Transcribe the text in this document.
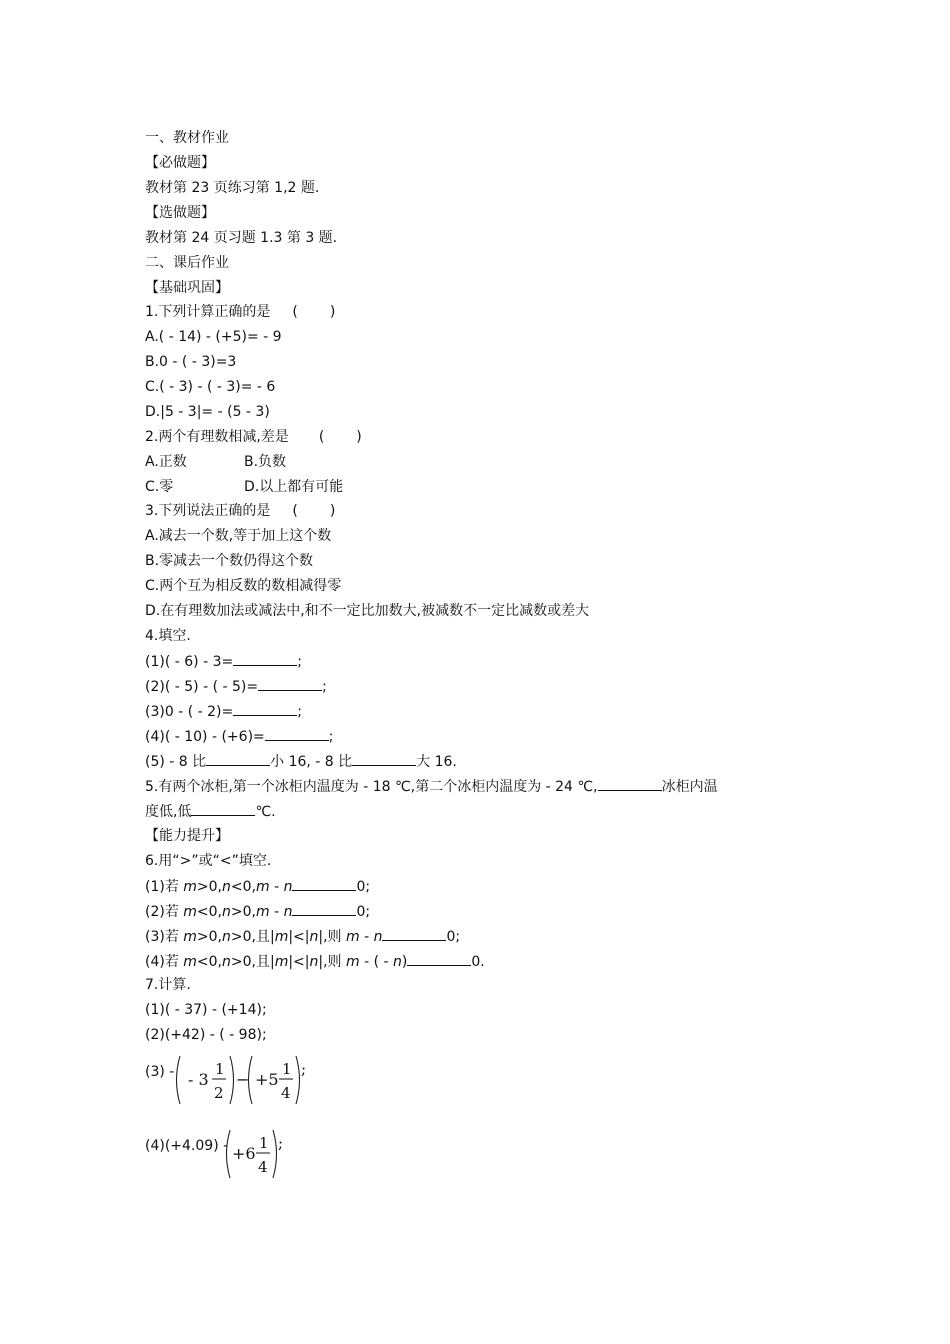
一、教材作业
【必做题】
教材第 23 页练习第 1,2 题.
【选做题】
教材第 24 页习题 1.3 第 3 题.
二、课后作业
【基础巩固】
1.下列计算正确的是 ( )
A.( - 14) - (+5)= - 9
B.0 - ( - 3)=3
C.( - 3) - ( - 3)= - 6
D.|5 - 3|= - (5 - 3)
2.两个有理数相减,差是 ( )
A.正数	B.负数
C.零	D.以上都有可能
3.下列说法正确的是 ( )
A.减去一个数,等于加上这个数
B.零减去一个数仍得这个数
C.两个互为相反数的数相减得零
D.在有理数加法或减法中,和不一定比加数大,被减数不一定比减数或差大
4.填空.
(1)( - 6) - 3=	;
(2)( - 5) - ( - 5)=	;
(3)0 - ( - 2)=	;
(4)( - 10) - (+6)=	;
(5) - 8 比	小 16, - 8 比	大 16.
5.有两个冰柜,第一个冰柜内温度为 - 18 ℃,第二个冰柜内温度为 - 24 ℃,	冰柜内温
度低,低	℃.
【能力提升】
6.用“>”或“<”填空.
(1)若 m>0,n<0,m - n	0;
(2)若 m<0,n>0,m - n	0;
(3)若 m>0,n>0,且|m|<|n|,则 m - n	0;
(4)若 m<0,n>0,且|m|<|n|,则 m - ( - n)	0.
7.计算.
(1)( - 37) - (+14);
(2)(+42) - ( - 98);
(3) - - 3
1
2
− +5
1
4
;
(4)(+4.09) - +6
1
4
;
